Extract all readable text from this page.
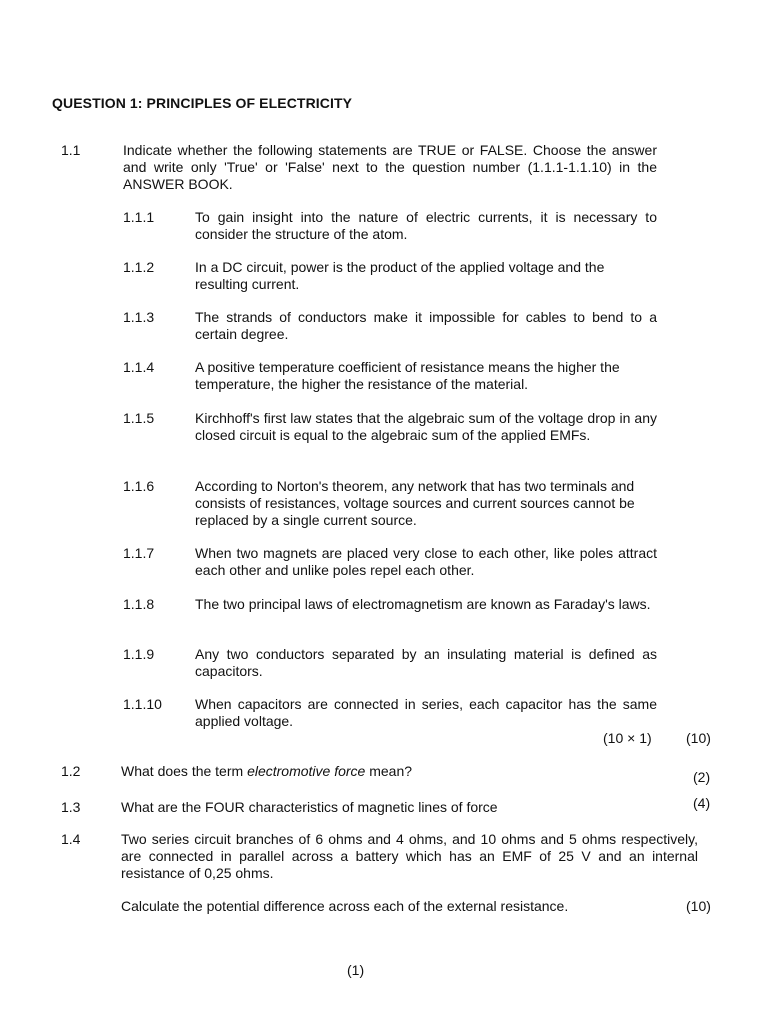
QUESTION 1: PRINCIPLES OF ELECTRICITY
1.1	Indicate whether the following statements are TRUE or FALSE. Choose the answer and write only 'True' or 'False' next to the question number (1.1.1-1.1.10) in the ANSWER BOOK.
1.1.1	To gain insight into the nature of electric currents, it is necessary to consider the structure of the atom.
1.1.2	In a DC circuit, power is the product of the applied voltage and the resulting current.
1.1.3	The strands of conductors make it impossible for cables to bend to a certain degree.
1.1.4	A positive temperature coefficient of resistance means the higher the temperature, the higher the resistance of the material.
1.1.5	Kirchhoff's first law states that the algebraic sum of the voltage drop in any closed circuit is equal to the algebraic sum of the applied EMFs.
1.1.6	According to Norton's theorem, any network that has two terminals and consists of resistances, voltage sources and current sources cannot be replaced by a single current source.
1.1.7	When two magnets are placed very close to each other, like poles attract each other and unlike poles repel each other.
1.1.8	The two principal laws of electromagnetism are known as Faraday's laws.
1.1.9	Any two conductors separated by an insulating material is defined as capacitors.
1.1.10 When capacitors are connected in series, each capacitor has the same applied voltage.
(10 × 1) (10)
1.2	What does the term electromotive force mean?	(2)
1.3	What are the FOUR characteristics of magnetic lines of force	(4)
1.4	Two series circuit branches of 6 ohms and 4 ohms, and 10 ohms and 5 ohms respectively, are connected in parallel across a battery which has an EMF of 25 V and an internal resistance of 0,25 ohms.
Calculate the potential difference across each of the external resistance.	(10)
(1)
